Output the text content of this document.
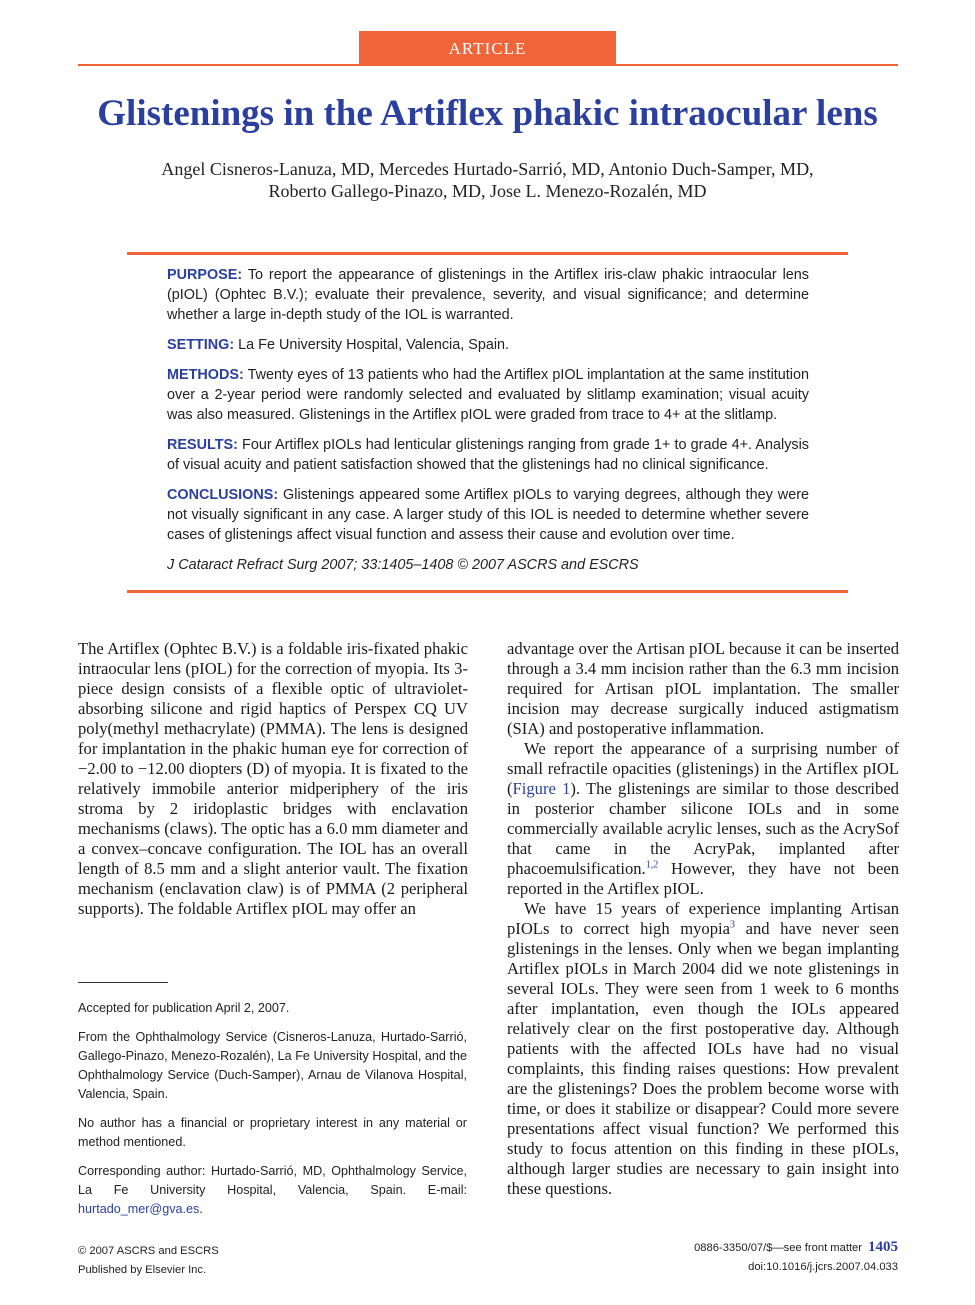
ARTICLE
Glistenings in the Artiflex phakic intraocular lens
Angel Cisneros-Lanuza, MD, Mercedes Hurtado-Sarrió, MD, Antonio Duch-Samper, MD,
Roberto Gallego-Pinazo, MD, Jose L. Menezo-Rozalén, MD

PURPOSE: To report the appearance of glistenings in the Artiflex iris-claw phakic intraocular lens (pIOL) (Ophtec B.V.); evaluate their prevalence, severity, and visual significance; and determine whether a large in-depth study of the IOL is warranted.

SETTING: La Fe University Hospital, Valencia, Spain.

METHODS: Twenty eyes of 13 patients who had the Artiflex pIOL implantation at the same institution over a 2-year period were randomly selected and evaluated by slitlamp examination; visual acuity was also measured. Glistenings in the Artiflex pIOL were graded from trace to 4+ at the slitlamp.

RESULTS: Four Artiflex pIOLs had lenticular glistenings ranging from grade 1+ to grade 4+. Analysis of visual acuity and patient satisfaction showed that the glistenings had no clinical significance.

CONCLUSIONS: Glistenings appeared some Artiflex pIOLs to varying degrees, although they were not visually significant in any case. A larger study of this IOL is needed to determine whether severe cases of glistenings affect visual function and assess their cause and evolution over time.

J Cataract Refract Surg 2007; 33:1405–1408 © 2007 ASCRS and ESCRS

The Artiflex (Ophtec B.V.) is a foldable iris-fixated phakic intraocular lens (pIOL) for the correction of myopia. Its 3-piece design consists of a flexible optic of ultraviolet-absorbing silicone and rigid haptics of Perspex CQ UV poly(methyl methacrylate) (PMMA). The lens is designed for implantation in the phakic human eye for correction of −2.00 to −12.00 diopters (D) of myopia. It is fixated to the relatively immobile anterior midperiphery of the iris stroma by 2 iridoplastic bridges with enclavation mechanisms (claws). The optic has a 6.0 mm diameter and a convex–concave configuration. The IOL has an overall length of 8.5 mm and a slight anterior vault. The fixation mechanism (enclavation claw) is of PMMA (2 peripheral supports). The foldable Artiflex pIOL may offer an

advantage over the Artisan pIOL because it can be inserted through a 3.4 mm incision rather than the 6.3 mm incision required for Artisan pIOL implantation. The smaller incision may decrease surgically induced astigmatism (SIA) and postoperative inflammation.

We report the appearance of a surprising number of small refractile opacities (glistenings) in the Artiflex pIOL (Figure 1). The glistenings are similar to those described in posterior chamber silicone IOLs and in some commercially available acrylic lenses, such as the AcrySof that came in the AcryPak, implanted after phacoemulsification.$^{1,2}$ However, they have not been reported in the Artiflex pIOL.

We have 15 years of experience implanting Artisan pIOLs to correct high myopia$^3$ and have never seen glistenings in the lenses. Only when we began implanting Artiflex pIOLs in March 2004 did we note glistenings in several IOLs. They were seen from 1 week to 6 months after implantation, even though the IOLs appeared relatively clear on the first postoperative day. Although patients with the affected IOLs have had no visual complaints, this finding raises questions: How prevalent are the glistenings? Does the problem become worse with time, or does it stabilize or disappear? Could more severe presentations affect visual function? We performed this study to focus attention on this finding in these pIOLs, although larger studies are necessary to gain insight into these questions.

Accepted for publication April 2, 2007.

From the Ophthalmology Service (Cisneros-Lanuza, Hurtado-Sarrió, Gallego-Pinazo, Menezo-Rozalén), La Fe University Hospital, and the Ophthalmology Service (Duch-Samper), Arnau de Vilanova Hospital, Valencia, Spain.

No author has a financial or proprietary interest in any material or method mentioned.

Corresponding author: Hurtado-Sarrió, MD, Ophthalmology Service, La Fe University Hospital, Valencia, Spain. E-mail: hurtado_mer@gva.es.

© 2007 ASCRS and ESCRS
Published by Elsevier Inc.
0886-3350/07/$—see front matter 1405
doi:10.1016/j.jcrs.2007.04.033
